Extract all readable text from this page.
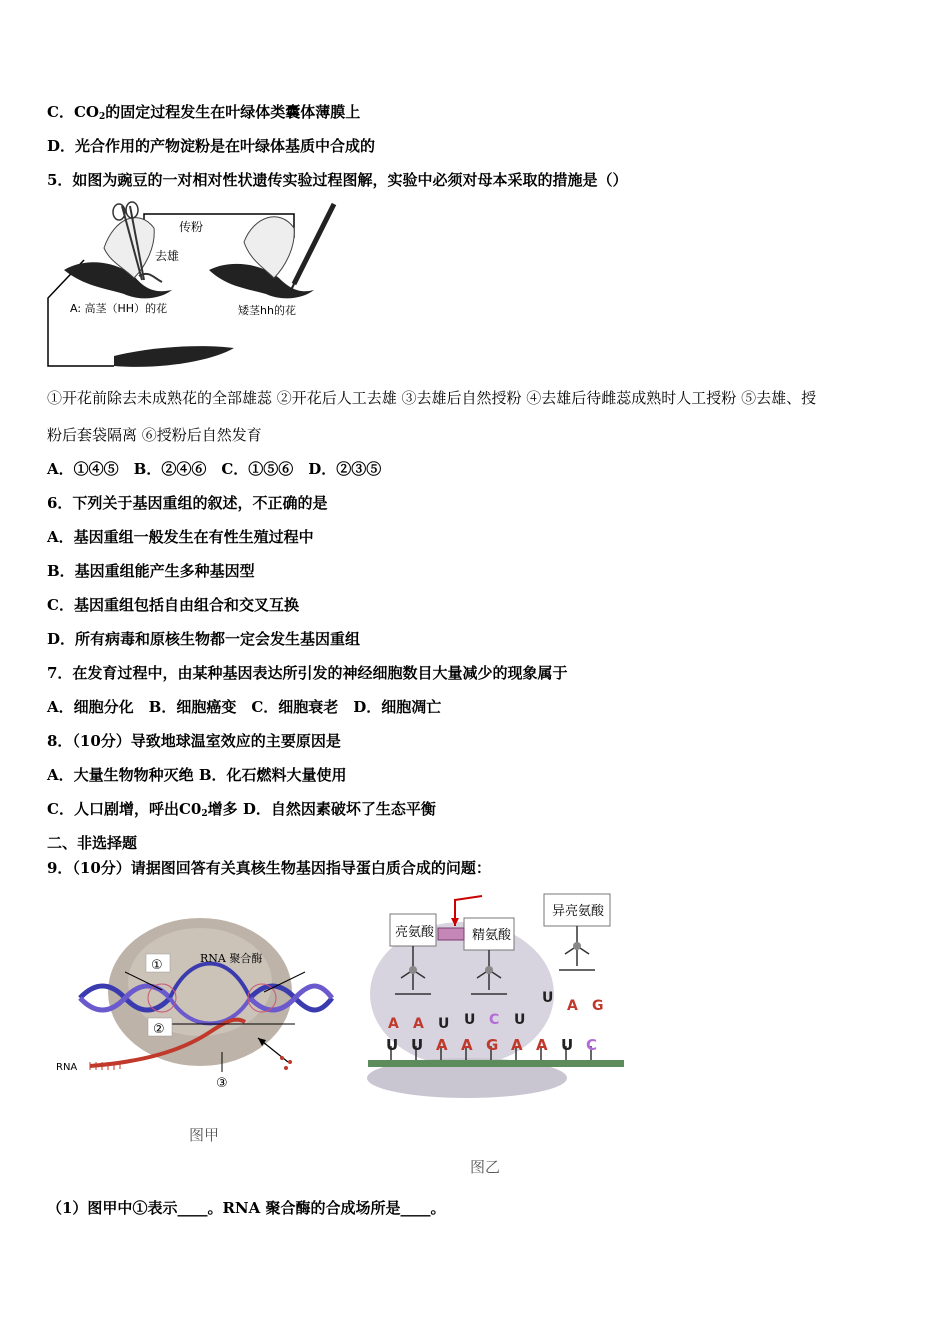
C．$CO_2$的固定过程发生在叶绿体类囊体薄膜上
D．光合作用的产物淀粉是在叶绿体基质中合成的
5．如图为豌豆的一对相对性状遗传实验过程图解，实验中必须对母本采取的措施是（）
传粉
去雄
A: 高茎（HH）的花	矮茎hh的花
①开花前除去未成熟花的全部雄蕊 ②开花后人工去雄 ③去雄后自然授粉 ④去雄后待雌蕊成熟时人工授粉 ⑤去雄、授
粉后套袋隔离 ⑥授粉后自然发育
A．①④⑤　B．②④⑥　C．①⑤⑥　D．②③⑤
6．下列关于基因重组的叙述，不正确的是
A．基因重组一般发生在有性生殖过程中
B．基因重组能产生多种基因型
C．基因重组包括自由组合和交叉互换
D．所有病毒和原核生物都一定会发生基因重组
7．在发育过程中，由某种基因表达所引发的神经细胞数目大量减少的现象属于
A．细胞分化　B．细胞癌变　C．细胞衰老　D．细胞凋亡
8．（10分）导致地球温室效应的主要原因是
A．大量生物物种灭绝 B．化石燃料大量使用
C．人口剧增，呼出$C0_2$增多 D．自然因素破坏了生态平衡
二、非选择题
9．（10分）请据图回答有关真核生物基因指导蛋白质合成的问题：
①
②
③
RNA 聚合酶
RNA
图甲
亮氨酸	精氨酸
异亮氨酸
A A U U C U
U A G
U U A A G A A U C
图乙
（1）图甲中①表示____。RNA 聚合酶的合成场所是____。
